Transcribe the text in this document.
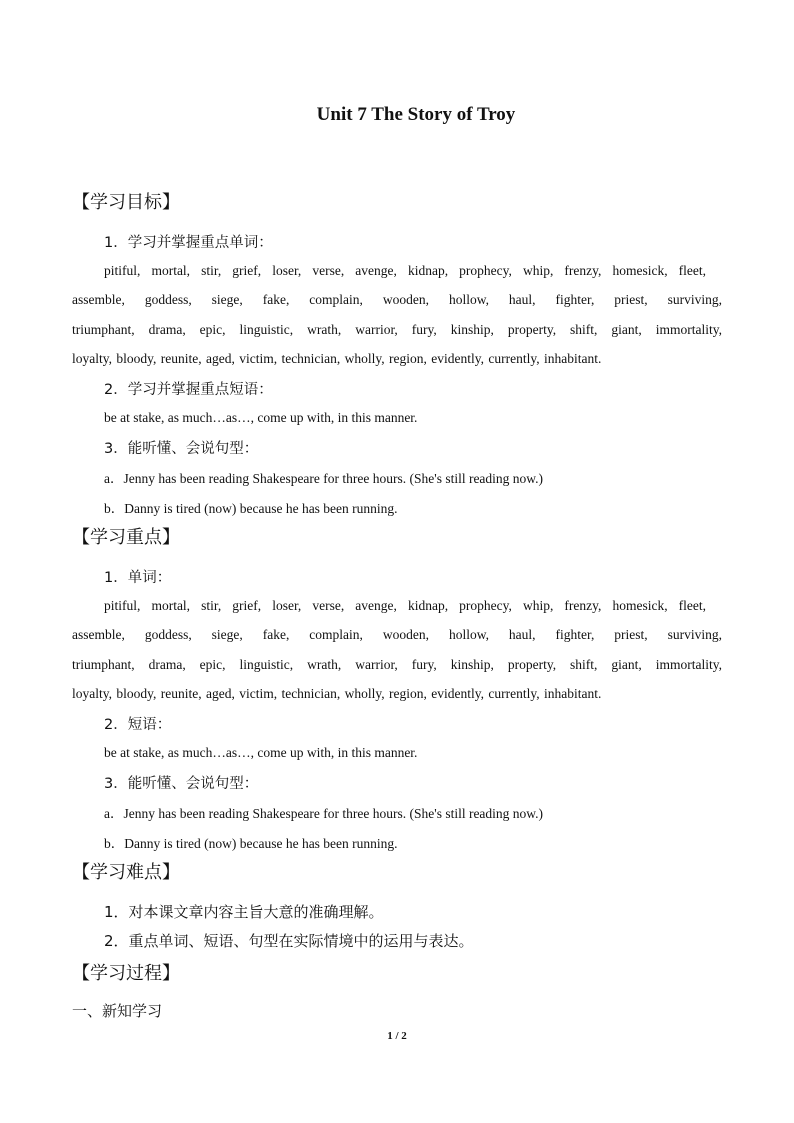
Unit 7 The Story of Troy
【学习目标】
1．学习并掌握重点单词：
pitiful, mortal, stir, grief, loser, verse, avenge, kidnap, prophecy, whip, frenzy, homesick, fleet,
assemble, goddess, siege, fake, complain, wooden, hollow, haul, fighter, priest, surviving,
triumphant, drama, epic, linguistic, wrath, warrior, fury, kinship, property, shift, giant, immortality,
loyalty, bloody, reunite, aged, victim, technician, wholly, region, evidently, currently, inhabitant.
2．学习并掌握重点短语：
be at stake, as much…as…, come up with, in this manner.
3．能听懂、会说句型：
a．Jenny has been reading Shakespeare for three hours. (She's still reading now.)
b．Danny is tired (now) because he has been running.
【学习重点】
1．单词：
pitiful, mortal, stir, grief, loser, verse, avenge, kidnap, prophecy, whip, frenzy, homesick, fleet,
assemble, goddess, siege, fake, complain, wooden, hollow, haul, fighter, priest, surviving,
triumphant, drama, epic, linguistic, wrath, warrior, fury, kinship, property, shift, giant, immortality,
loyalty, bloody, reunite, aged, victim, technician, wholly, region, evidently, currently, inhabitant.
2．短语：
be at stake, as much…as…, come up with, in this manner.
3．能听懂、会说句型：
a．Jenny has been reading Shakespeare for three hours. (She's still reading now.)
b．Danny is tired (now) because he has been running.
【学习难点】
1．对本课文章内容主旨大意的准确理解。
2．重点单词、短语、句型在实际情境中的运用与表达。
【学习过程】
一、新知学习
1 / 2
